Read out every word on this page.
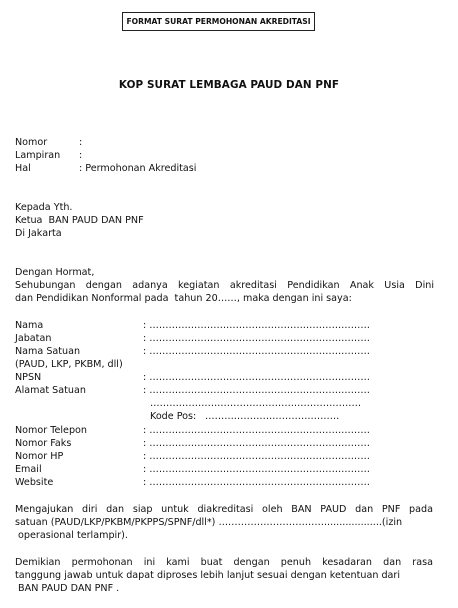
FORMAT SURAT PERMOHONAN AKREDITASI
KOP SURAT LEMBAGA PAUD DAN PNF
Nomor	:
Lampiran :
Hal	: Permohonan Akreditasi
Kepada Yth.
Ketua  BAN PAUD DAN PNF
Di Jakarta
Dengan Hormat,
Sehubungan dengan adanya kegiatan akreditasi Pendidikan Anak Usia Dini
dan Pendidikan Nonformal pada  tahun 20……, maka dengan ini saya:
Nama	: ……………………………………………………………
Jabatan	: ……………………………………………………………
Nama Satuan	: ……………………………………………………………
(PAUD, LKP, PKBM, dll)
NPSN	: ……………………………………………………………
Alamat Satuan	: ……………………………………………………………
…………………………………………………………
Kode Pos: ……………………………………
Nomor Telepon	: ……………………………………………………………
Nomor Faks	: ……………………………………………………………
Nomor HP	: ……………………………………………………………
Email	: ……………………………………………………………
Website	: ……………………………………………………………
Mengajukan diri dan siap untuk diakreditasi oleh BAN PAUD dan PNF pada
satuan (PAUD/LKP/PKBM/PKPPS/SPNF/dll*) ……………………………...................(izin
operasional terlampir).
Demikian permohonan ini kami buat dengan penuh kesadaran dan rasa
tanggung jawab untuk dapat diproses lebih lanjut sesuai dengan ketentuan dari
BAN PAUD DAN PNF .
